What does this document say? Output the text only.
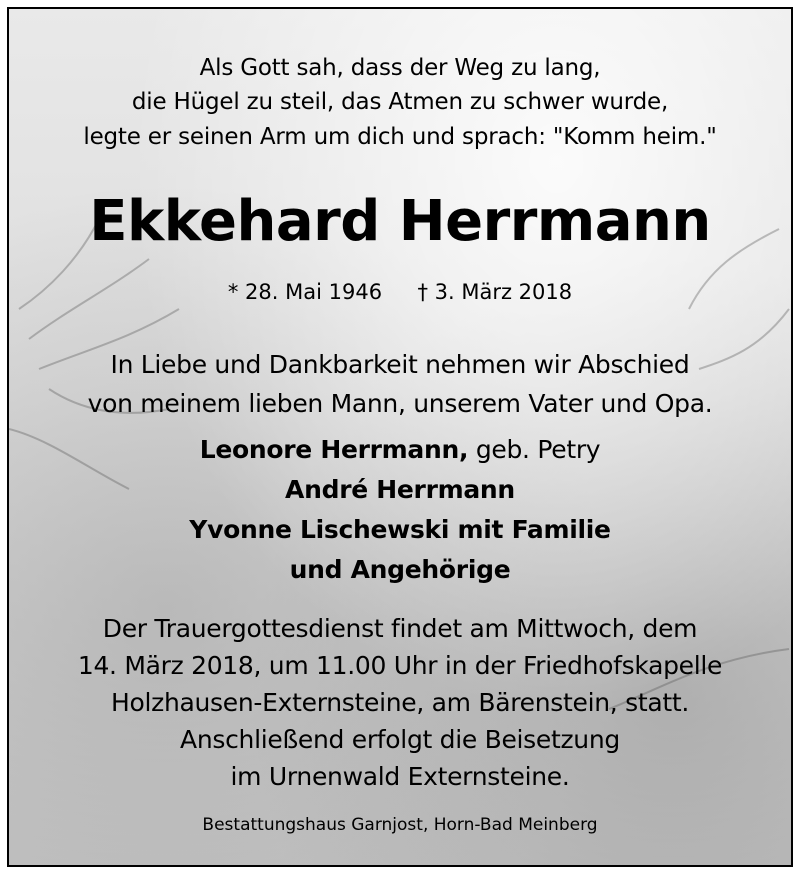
Als Gott sah, dass der Weg zu lang,
die Hügel zu steil, das Atmen zu schwer wurde,
legte er seinen Arm um dich und sprach: "Komm heim."
Ekkehard Herrmann
* 28. Mai 1946 † 3. März 2018
In Liebe und Dankbarkeit nehmen wir Abschied
von meinem lieben Mann, unserem Vater und Opa.
Leonore Herrmann, geb. Petry
André Herrmann
Yvonne Lischewski mit Familie
und Angehörige
Der Trauergottesdienst findet am Mittwoch, dem
14. März 2018, um 11.00 Uhr in der Friedhofskapelle
Holzhausen-Externsteine, am Bärenstein, statt.
Anschließend erfolgt die Beisetzung
im Urnenwald Externsteine.
Bestattungshaus Garnjost, Horn-Bad Meinberg
